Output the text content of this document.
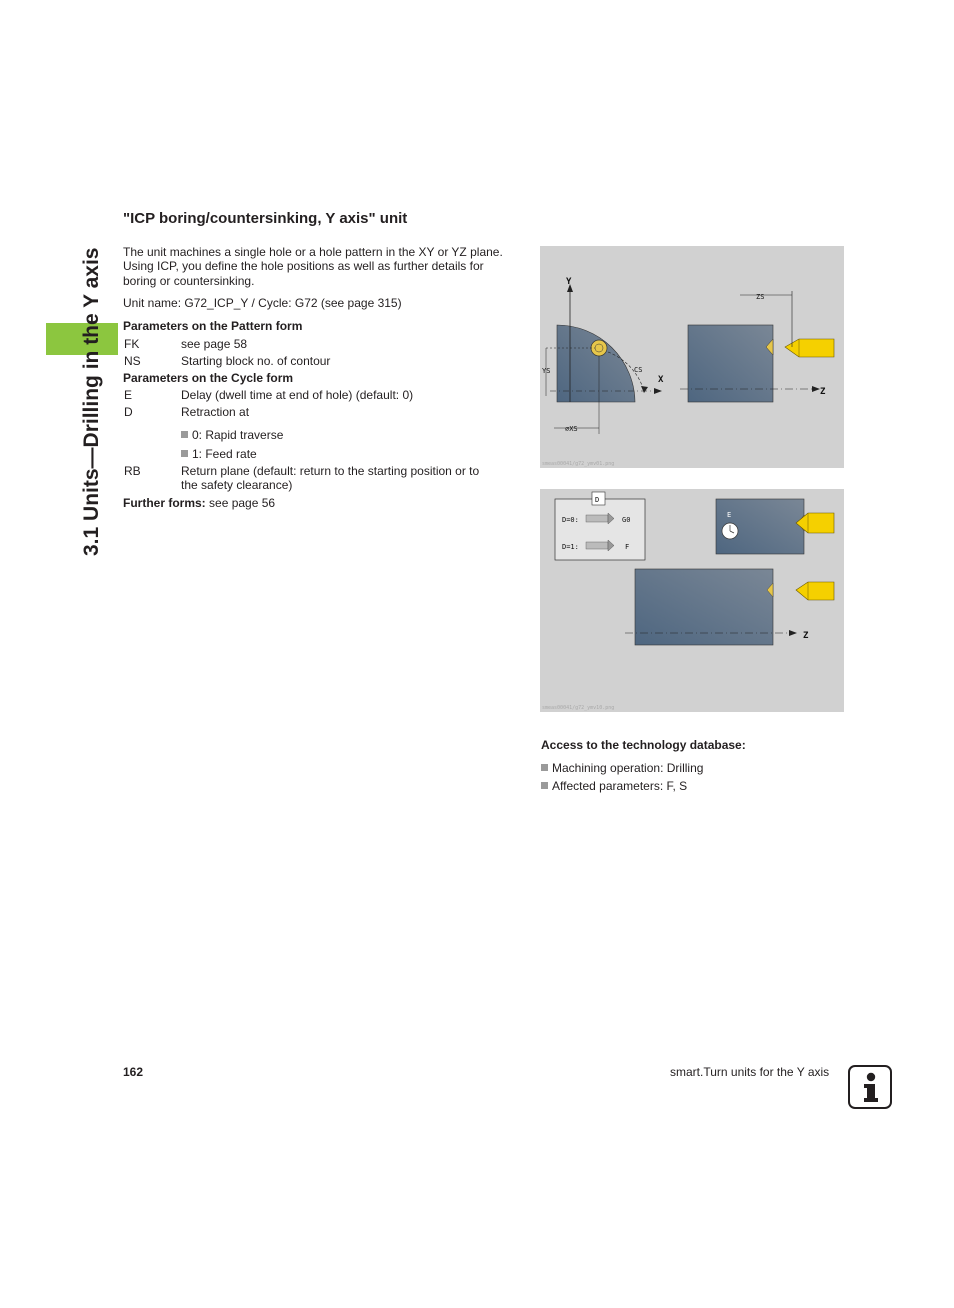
3.1 Units—Drilling in the Y axis
"ICP boring/countersinking, Y axis" unit
The unit machines a single hole or a hole pattern in the XY or YZ plane.
Using ICP, you define the hole positions as well as further details for
boring or countersinking.
Unit name: G72_ICP_Y / Cycle: G72 (see page 315)
Parameters on the Pattern form
FK	see page 58
NS	Starting block no. of contour
Parameters on the Cycle form
E	Delay (dwell time at end of hole) (default: 0)
D	Retraction at
0: Rapid traverse
1: Feed rate
RB	Return plane (default: return to the starting position or to
the safety clearance)
Further forms: see page 56
Y
X
YS	CS
⌀XS
Z
ZS
smeas00041/g72_ymv01.png
D
D=0:	G0
D=1:	F
E
Z
smeas00041/g72_ymv10.png
Access to the technology database:
Machining operation: Drilling
Affected parameters: F, S
162	smart.Turn units for the Y axis
